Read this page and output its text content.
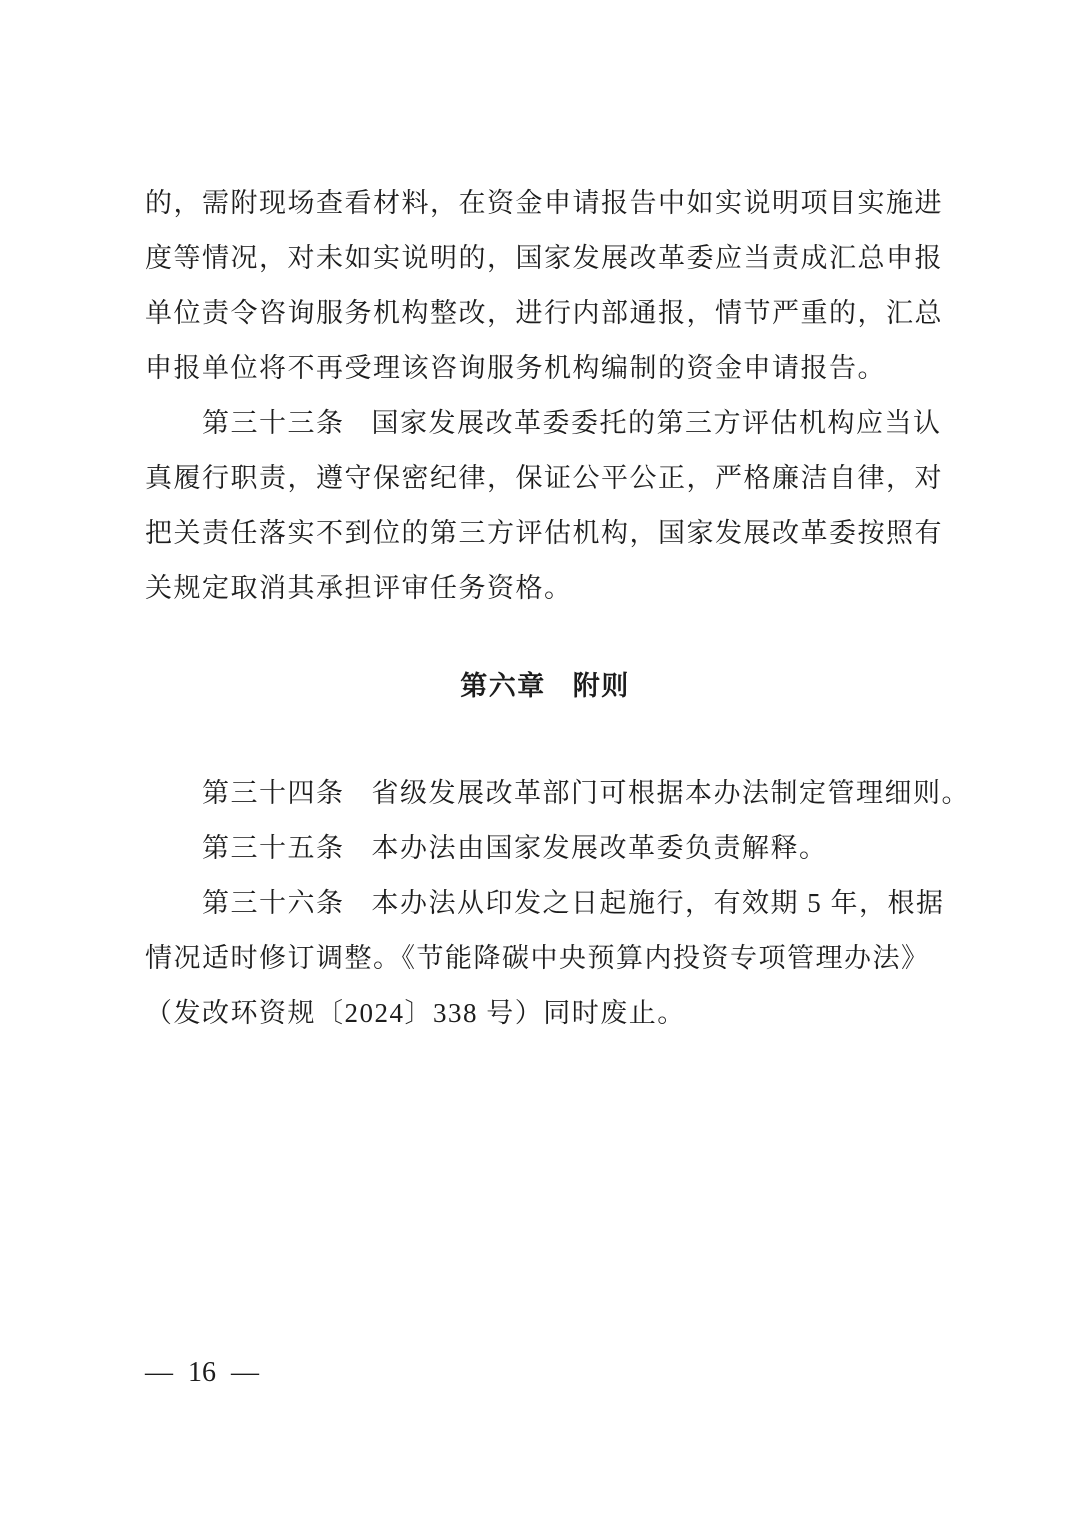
的，需附现场查看材料，在资金申请报告中如实说明项目实施进
度等情况，对未如实说明的，国家发展改革委应当责成汇总申报
单位责令咨询服务机构整改，进行内部通报，情节严重的，汇总
申报单位将不再受理该咨询服务机构编制的资金申请报告。
第三十三条 国家发展改革委委托的第三方评估机构应当认
真履行职责，遵守保密纪律，保证公平公正，严格廉洁自律，对
把关责任落实不到位的第三方评估机构，国家发展改革委按照有
关规定取消其承担评审任务资格。
第六章 附则
第三十四条 省级发展改革部门可根据本办法制定管理细则。
第三十五条 本办法由国家发展改革委负责解释。
第三十六条 本办法从印发之日起施行，有效期 5 年，根据
情况适时修订调整。《节能降碳中央预算内投资专项管理办法》
（发改环资规〔2024〕338 号）同时废止。
— 16 —
